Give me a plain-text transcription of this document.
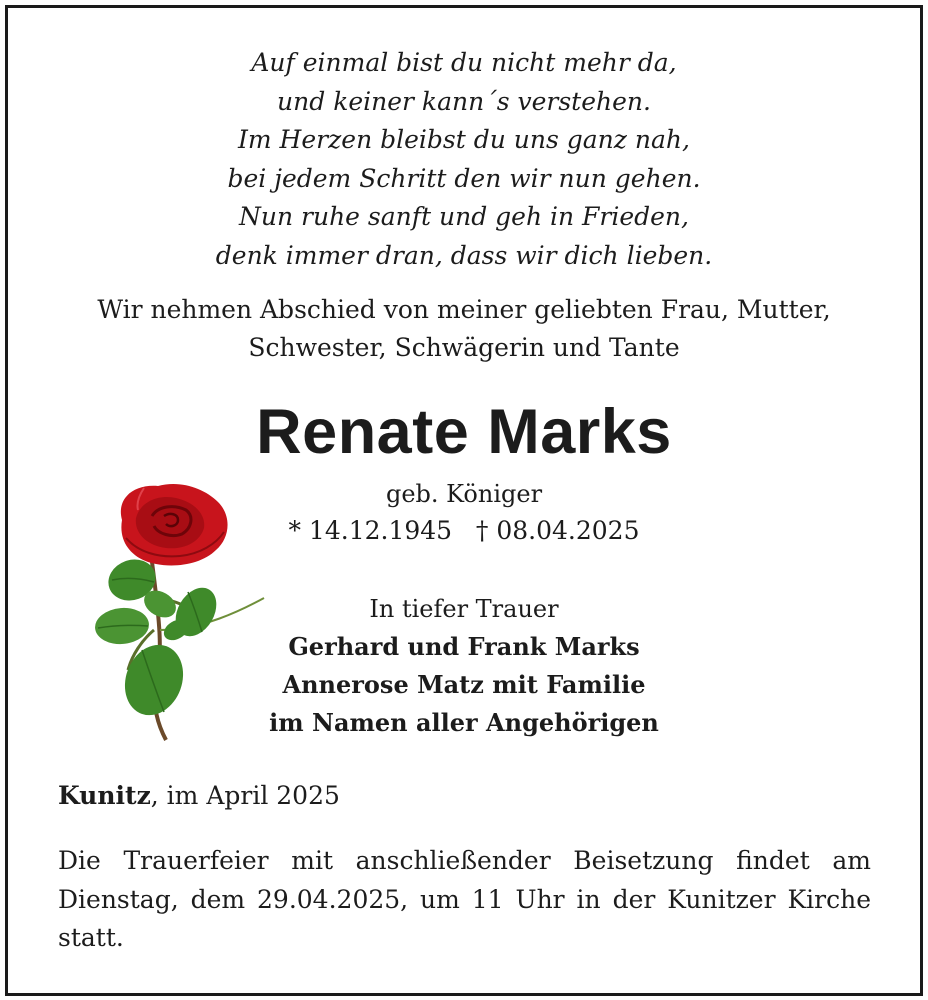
Auf einmal bist du nicht mehr da,
und keiner kann´s verstehen.
Im Herzen bleibst du uns ganz nah,
bei jedem Schritt den wir nun gehen.
Nun ruhe sanft und geh in Frieden,
denk immer dran, dass wir dich lieben.
Wir nehmen Abschied von meiner geliebten Frau, Mutter,
Schwester, Schwägerin und Tante
Renate Marks
geb. Königer
* 14.12.1945   † 08.04.2025
In tiefer Trauer
Gerhard und Frank Marks
Annerose Matz mit Familie
im Namen aller Angehörigen
Kunitz, im April 2025
Die Trauerfeier mit anschließender Beisetzung findet am Dienstag, dem 29.04.2025, um 11 Uhr in der Kunitzer Kirche statt.
